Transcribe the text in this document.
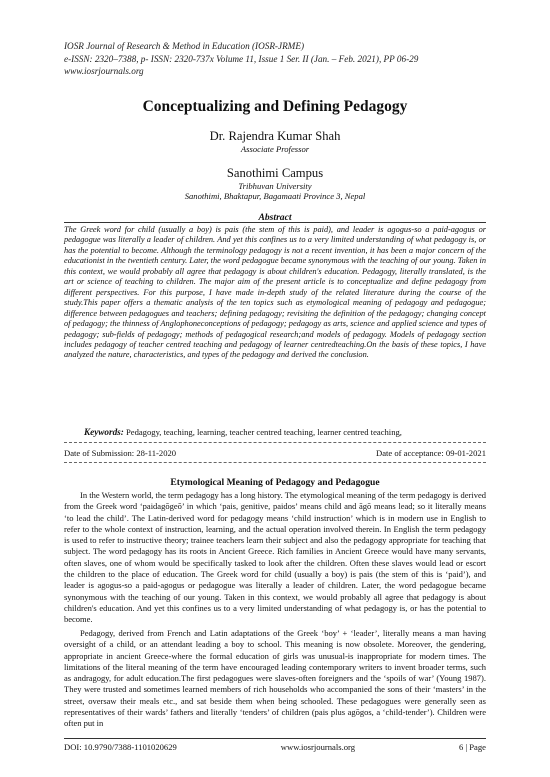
IOSR Journal of Research & Method in Education (IOSR-JRME)
e-ISSN: 2320–7388, p- ISSN: 2320-737x Volume 11, Issue 1 Ser. II (Jan. – Feb. 2021), PP 06-29
www.iosrjournals.org
Conceptualizing and Defining Pedagogy
Dr. Rajendra Kumar Shah
Associate Professor
Sanothimi Campus
Tribhuvan University
Sanothimi, Bhaktapur, Bagamaati Province 3, Nepal
Abstract
The Greek word for child (usually a boy) is pais (the stem of this is paid), and leader is agogus-so a paid-agogus or pedagogue was literally a leader of children. And yet this confines us to a very limited understanding of what pedagogy is, or has the potential to become. Although the terminology pedagogy is not a recent invention, it has been a major concern of the educationist in the twentieth century. Later, the word pedagogue became synonymous with the teaching of our young. Taken in this context, we would probably all agree that pedagogy is about children's education. Pedagogy, literally translated, is the art or science of teaching to children. The major aim of the present article is to conceptualize and define pedagogy from different perspectives. For this purpose, I have made in-depth study of the related literature during the course of the study.This paper offers a thematic analysis of the ten topics such as etymological meaning of pedagogy and pedagogue; difference between pedagogues and teachers; defining pedagogy; revisiting the definition of the pedagogy; changing concept of pedagogy; the thinness of Anglophoneconceptions of pedagogy; pedagogy as arts, science and applied science and types of pedagogy; sub-fields of pedagogy; methods of pedagogical research;and models of pedagogy. Models of pedagogy section includes pedagogy of teacher centred teaching and pedagogy of learner centredteaching.On the basis of these topics, I have analyzed the nature, characteristics, and types of the pedagogy and derived the conclusion.
Keywords: Pedagogy, teaching, learning, teacher centred teaching, learner centred teaching,
Date of Submission: 28-11-2020	Date of acceptance: 09-01-2021
Etymological Meaning of Pedagogy and Pedagogue

In the Western world, the term pedagogy has a long history. The etymological meaning of the term pedagogy is derived from the Greek word ‘paidagōgeō’ in which ‘pais, genitive, paidos’ means child and āgō means lead; so it literally means ‘to lead the child’. The Latin-derived word for pedagogy means ‘child instruction’ which is in modern use in English to refer to the whole context of instruction, learning, and the actual operation involved therein. In English the term pedagogy is used to refer to instructive theory; trainee teachers learn their subject and also the pedagogy appropriate for teaching that subject. The word pedagogy has its roots in Ancient Greece. Rich families in Ancient Greece would have many servants, often slaves, one of whom would be specifically tasked to look after the children. Often these slaves would lead or escort the children to the place of education. The Greek word for child (usually a boy) is pais (the stem of this is ‘paid’), and leader is agogus-so a paid-agogus or pedagogue was literally a leader of children. Later, the word pedagogue became synonymous with the teaching of our young. Taken in this context, we would probably all agree that pedagogy is about children's education. And yet this confines us to a very limited understanding of what pedagogy is, or has the potential to become.

Pedagogy, derived from French and Latin adaptations of the Greek ‘boy’ + ‘leader’, literally means a man having oversight of a child, or an attendant leading a boy to school. This meaning is now obsolete. Moreover, the gendering, appropriate in ancient Greece-where the formal education of girls was unusual-is inappropriate for modern times. The limitations of the literal meaning of the term have encouraged leading contemporary writers to invent broader terms, such as andragogy, for adult education.The first pedagogues were slaves-often foreigners and the ‘spoils of war’ (Young 1987). They were trusted and sometimes learned members of rich households who accompanied the sons of their ‘masters’ in the street, oversaw their meals etc., and sat beside them when being schooled. These pedagogues were generally seen as representatives of their wards’ fathers and literally ‘tenders’ of children (pais plus agōgos, a ‘child-tender’). Children were often put in

DOI: 10.9790/7388-1101020629	www.iosrjournals.org	6 | Page
